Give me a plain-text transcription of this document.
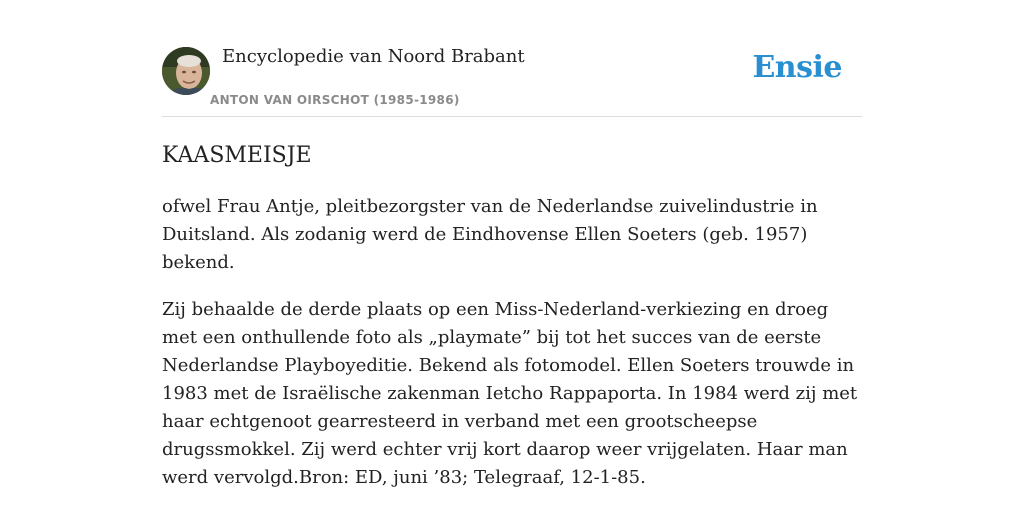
Encyclopedie van Noord Brabant
ANTON VAN OIRSCHOT (1985-1986)
Ensie
KAASMEISJE

ofwel Frau Antje, pleitbezorgster van de Nederlandse zuivelindustrie in Duitsland. Als zodanig werd de Eindhovense Ellen Soeters (geb. 1957) bekend.

Zij behaalde de derde plaats op een Miss-Nederland-verkiezing en droeg met een onthullende foto als „playmate” bij tot het succes van de eerste Nederlandse Playboyeditie. Bekend als fotomodel. Ellen Soeters trouwde in 1983 met de Israëlische zakenman Ietcho Rappaporta. In 1984 werd zij met haar echtgenoot gearresteerd in verband met een grootscheepse drugssmokkel. Zij werd echter vrij kort daarop weer vrijgelaten. Haar man werd vervolgd.Bron: ED, juni ’83; Telegraaf, 12-1-85.
